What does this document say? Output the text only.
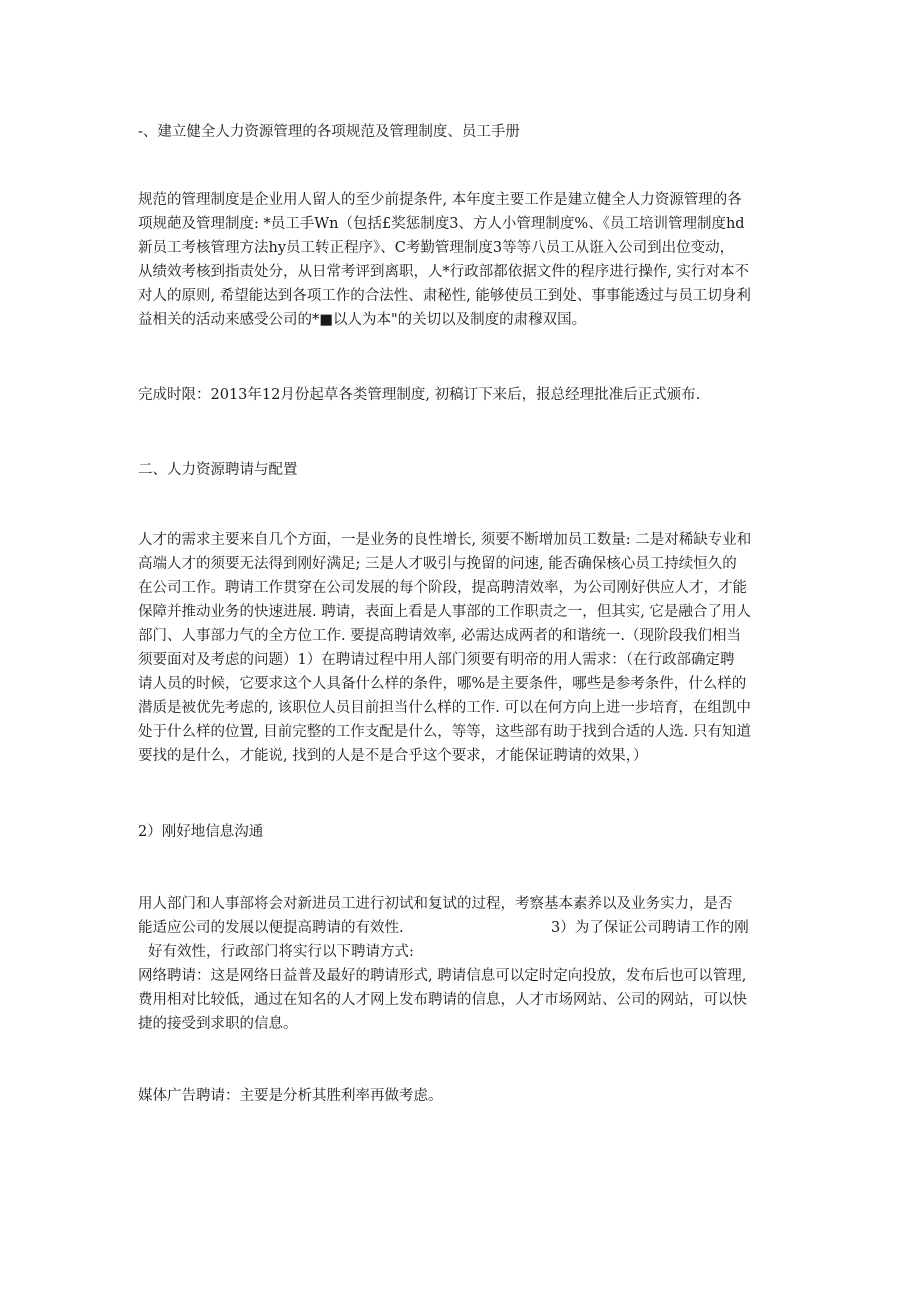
-、建立健全人力资源管理的各项规范及管理制度、员工手册

规范的管理制度是企业用人留人的至少前提条件, 本年度主要工作是建立健全人力资源管理的各

项规葩及管理制度: *员工手Wn（包括£奖惩制度3、方人小管理制度%、《员工培训管理制度hd

新员工考核管理方法hy员工转正程序》、C考勤管理制度3等等八员工从诳入公司到出位变动，

从绩效考核到指责处分，从日常考评到离职，人*行政部都依据文件的程序进行操作, 实行对本不

对人的原则, 希望能达到各项工作的合法性、肃秘性, 能够使员工到处、事事能透过与员工切身利

益相关的活动来感受公司的*■以人为本"的关切以及制度的肃穆双国。

完成时限：2013年12月份起草各类管理制度, 初稿订下来后，报总经理批准后正式颁布.

二、人力资源聘请与配置

人才的需求主要来自几个方面，一是业务的良性增长, 须要不断增加员工数量: 二是对稀缺专业和

高端人才的须要无法得到刚好满足; 三是人才吸引与挽留的问速, 能否确保核心员工持续恒久的

在公司工作。聘请工作贯穿在公司发展的每个阶段，提高聘清效率，为公司刚好供应人才，才能

保障并推动业务的快速进展. 聘请，表面上看是人事部的工作职责之一，但其实, 它是融合了用人

部门、人事部力气的全方位工作. 要提高聘请效率, 必需达成两者的和谐统一.（现阶段我们相当

须要面对及考虑的问题）1）在聘请过程中用人部门须要有明帝的用人需求：（在行政部确定聘

请人员的时候，它要求这个人具备什么样的条件，哪%是主要条件，哪些是参考条件，什么样的

潜质是被优先考虑的, 该职位人员目前担当什么样的工作. 可以在何方向上进一步培育，在组凯中

处于什么样的位置, 目前完整的工作支配是什么，等等，这些部有助于找到合适的人选. 只有知道

要找的是什么，才能说, 找到的人是不是合乎这个要求，才能保证聘请的效果，）

2）刚好地信息沟通

用人部门和人事部将会对新进员工进行初试和复试的过程，考察基本素养以及业务实力，是否

能适应公司的发展以便提高聘请的有效性.	3）为了保证公司聘请工作的刚

好有效性，行政部门将实行以下聘请方式:

网络聘请：这是网络日益普及最好的聘请形式, 聘请信息可以定时定向投放，发布后也可以管理,

费用相对比较低，通过在知名的人才网上发布聘请的信息，人才市场网站、公司的网站，可以快

捷的接受到求职的信息。

媒体广告聘请：主要是分析其胜利率再做考虑。
